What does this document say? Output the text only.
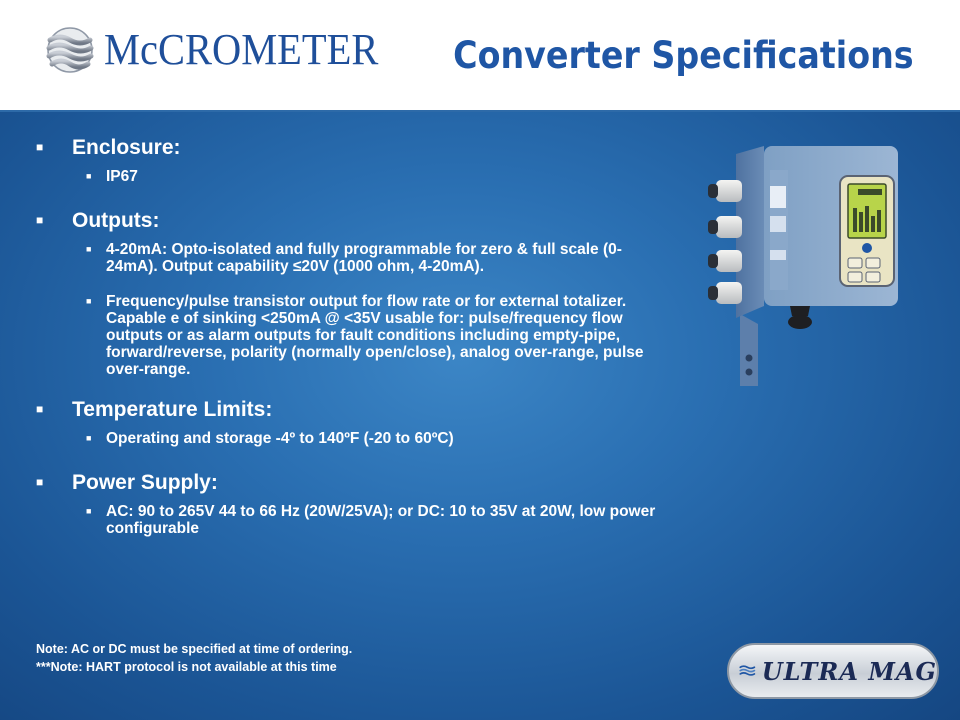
McCROMETER Converter Specifications
■	Enclosure:
■ IP67
■	Outputs:
■ 4-20mA: Opto-isolated and fully programmable for zero & full scale (0-24mA). Output capability ≤20V (1000 ohm, 4-20mA).
■ Frequency/pulse transistor output for flow rate or for external totalizer. Capable e of sinking <250mA @ <35V usable for: pulse/frequency flow outputs or as alarm outputs for fault conditions including empty-pipe, forward/reverse, polarity (normally open/close), analog over-range, pulse over-range.
■	Temperature Limits:
■ Operating and storage -4º to 140ºF (-20 to 60ºC)
■	Power Supply:
■ AC: 90 to 265V 44 to 66 Hz (20W/25VA); or DC: 10 to 35V at 20W, low power configurable
Note: AC or DC must be specified at time of ordering.
***Note: HART protocol is not available at this time	ULTRA MAG
